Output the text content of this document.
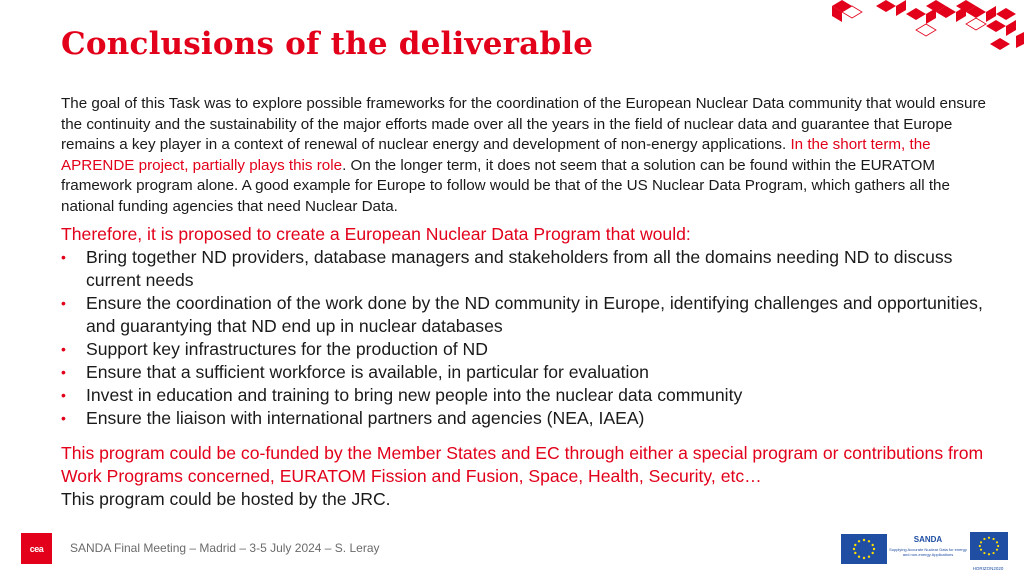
Conclusions of the deliverable

The goal of this Task was to explore possible frameworks for the coordination of the European Nuclear Data community that would ensure the continuity and the sustainability of the major efforts made over all the years in the field of nuclear data and guarantee that Europe remains a key player in a context of renewal of nuclear energy and development of non-energy applications. In the short term, the APRENDE project, partially plays this role. On the longer term, it does not seem that a solution can be found within the EURATOM framework program alone. A good example for Europe to follow would be that of the US Nuclear Data Program, which gathers all the national funding agencies that need Nuclear Data.

Therefore, it is proposed to create a European Nuclear Data Program that would:
• Bring together ND providers, database managers and stakeholders from all the domains needing ND to discuss current needs
• Ensure the coordination of the work done by the ND community in Europe, identifying challenges and opportunities, and guarantying that ND end up in nuclear databases
• Support key infrastructures for the production of ND
• Ensure that a sufficient workforce is available, in particular for evaluation
• Invest in education and training to bring new people into the nuclear data community
• Ensure the liaison with international partners and agencies (NEA, IAEA)
This program could be co-funded by the Member States and EC through either a special program or contributions from Work Programs concerned, EURATOM Fission and Fusion, Space, Health, Security, etc…
This program could be hosted by the JRC.
cea SANDA Final Meeting – Madrid – 3-5 July 2024 – S. Leray
SANDA
Supplying Accurate Nuclear Data for energy and non-energy Applications
HORIZON2020
